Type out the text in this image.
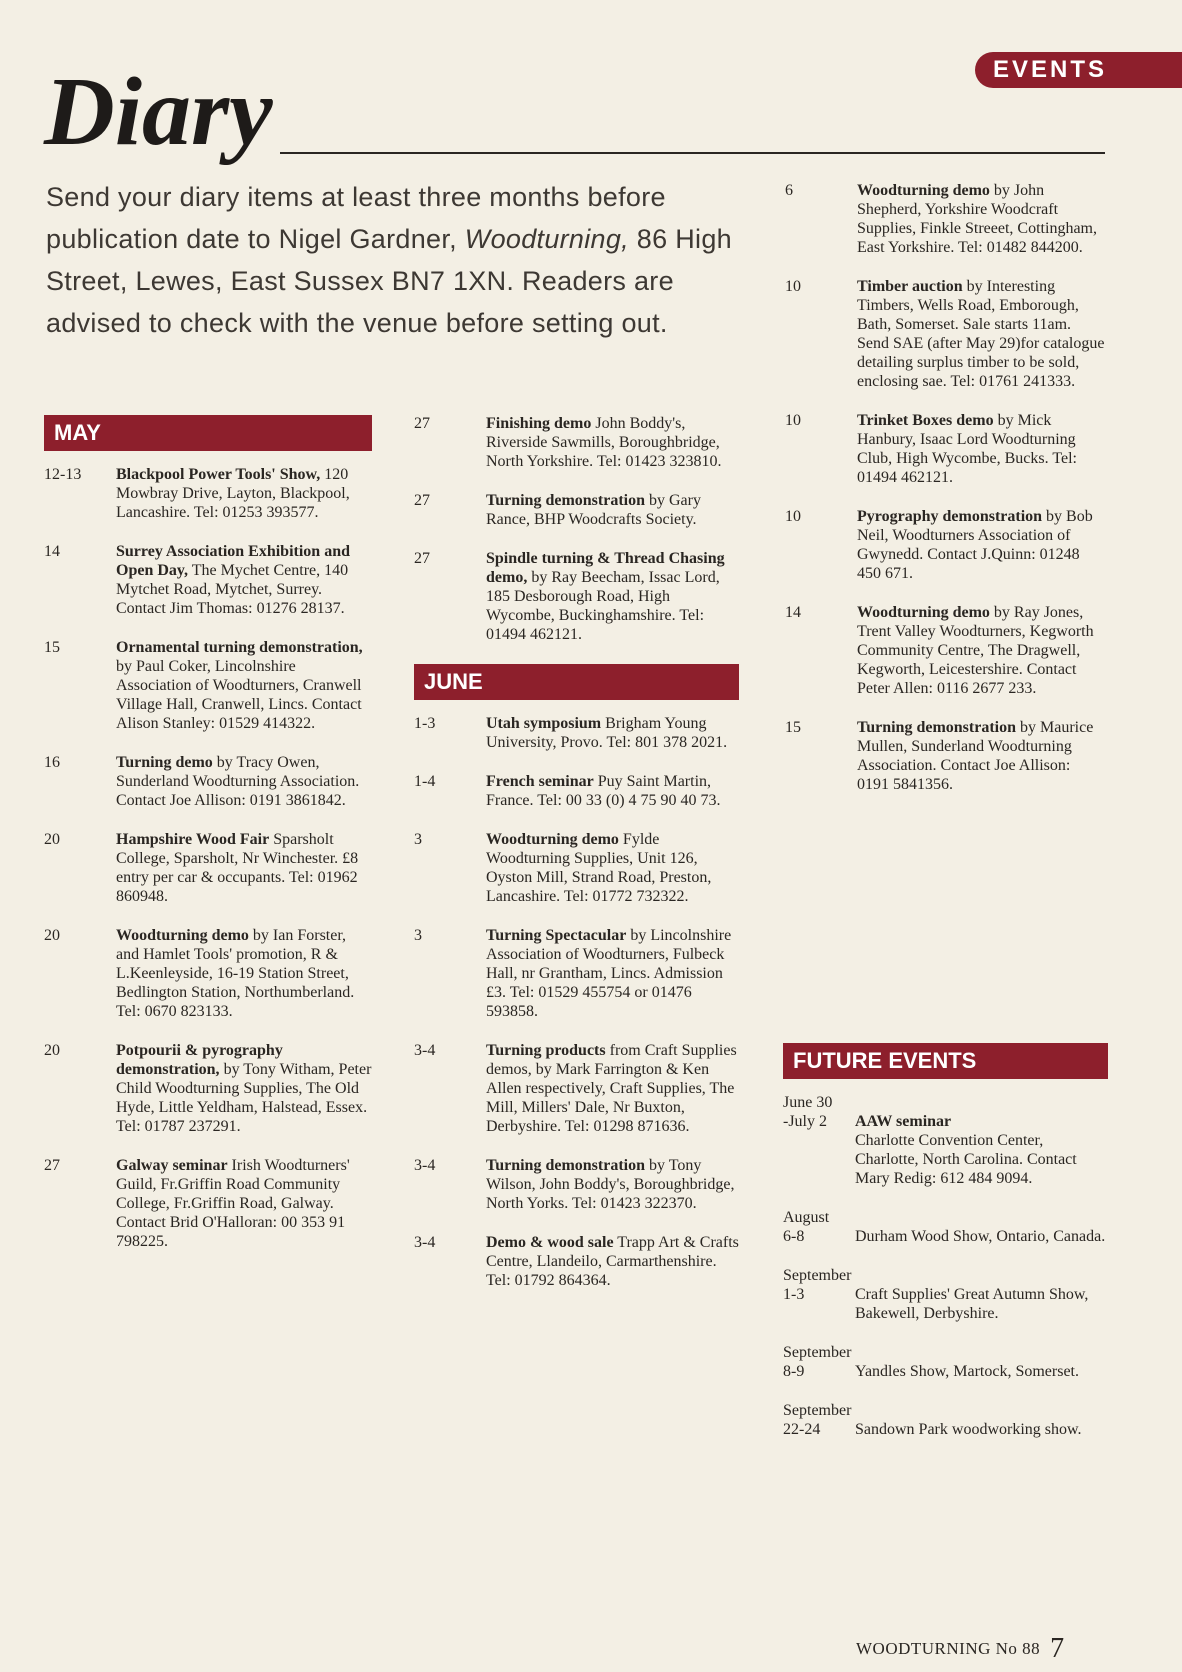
EVENTS
Diary
Send your diary items at least three months before publication date to Nigel Gardner, Woodturning, 86 High Street, Lewes, East Sussex BN7 1XN. Readers are advised to check with the venue before setting out.
MAY
12-13	Blackpool Power Tools' Show, 120 Mowbray Drive, Layton, Blackpool, Lancashire. Tel: 01253 393577.
14	Surrey Association Exhibition and Open Day, The Mychet Centre, 140 Mytchet Road, Mytchet, Surrey. Contact Jim Thomas: 01276 28137.
15	Ornamental turning demonstration, by Paul Coker, Lincolnshire Association of Woodturners, Cranwell Village Hall, Cranwell, Lincs. Contact Alison Stanley: 01529 414322.
16	Turning demo by Tracy Owen, Sunderland Woodturning Association. Contact Joe Allison: 0191 3861842.
20	Hampshire Wood Fair Sparsholt College, Sparsholt, Nr Winchester. £8 entry per car & occupants. Tel: 01962 860948.
20	Woodturning demo by Ian Forster, and Hamlet Tools' promotion, R & L.Keenleyside, 16-19 Station Street, Bedlington Station, Northumberland. Tel: 0670 823133.
20	Potpourii & pyrography demonstration, by Tony Witham, Peter Child Woodturning Supplies, The Old Hyde, Little Yeldham, Halstead, Essex. Tel: 01787 237291.
27	Galway seminar Irish Woodturners' Guild, Fr.Griffin Road Community College, Fr.Griffin Road, Galway. Contact Brid O'Halloran: 00 353 91 798225.
27	Finishing demo John Boddy's, Riverside Sawmills, Boroughbridge, North Yorkshire. Tel: 01423 323810.
27	Turning demonstration by Gary Rance, BHP Woodcrafts Society.
27	Spindle turning & Thread Chasing demo, by Ray Beecham, Issac Lord, 185 Desborough Road, High Wycombe, Buckinghamshire. Tel: 01494 462121.
JUNE
1-3	Utah symposium Brigham Young University, Provo. Tel: 801 378 2021.
1-4	French seminar Puy Saint Martin, France. Tel: 00 33 (0) 4 75 90 40 73.
3	Woodturning demo Fylde Woodturning Supplies, Unit 126, Oyston Mill, Strand Road, Preston, Lancashire. Tel: 01772 732322.
3	Turning Spectacular by Lincolnshire Association of Woodturners, Fulbeck Hall, nr Grantham, Lincs. Admission £3. Tel: 01529 455754 or 01476 593858.
3-4	Turning products from Craft Supplies demos, by Mark Farrington & Ken Allen respectively, Craft Supplies, The Mill, Millers' Dale, Nr Buxton, Derbyshire. Tel: 01298 871636.
3-4	Turning demonstration by Tony Wilson, John Boddy's, Boroughbridge, North Yorks. Tel: 01423 322370.
3-4	Demo & wood sale Trapp Art & Crafts Centre, Llandeilo, Carmarthenshire. Tel: 01792 864364.
6	Woodturning demo by John Shepherd, Yorkshire Woodcraft Supplies, Finkle Streeet, Cottingham, East Yorkshire. Tel: 01482 844200.
10	Timber auction by Interesting Timbers, Wells Road, Emborough, Bath, Somerset. Sale starts 11am. Send SAE (after May 29)for catalogue detailing surplus timber to be sold, enclosing sae. Tel: 01761 241333.
10	Trinket Boxes demo by Mick Hanbury, Isaac Lord Woodturning Club, High Wycombe, Bucks. Tel: 01494 462121.
10	Pyrography demonstration by Bob Neil, Woodturners Association of Gwynedd. Contact J.Quinn: 01248 450 671.
14	Woodturning demo by Ray Jones, Trent Valley Woodturners, Kegworth Community Centre, The Dragwell, Kegworth, Leicestershire. Contact Peter Allen: 0116 2677 233.
15	Turning demonstration by Maurice Mullen, Sunderland Woodturning Association. Contact Joe Allison: 0191 5841356.
FUTURE EVENTS
June 30
-July 2	AAW seminar
Charlotte Convention Center, Charlotte, North Carolina. Contact Mary Redig: 612 484 9094.
August
6-8	Durham Wood Show, Ontario, Canada.
September
1-3	Craft Supplies' Great Autumn Show, Bakewell, Derbyshire.
September
8-9	Yandles Show, Martock, Somerset.
September
22-24	Sandown Park woodworking show.
WOODTURNING No 88 7
